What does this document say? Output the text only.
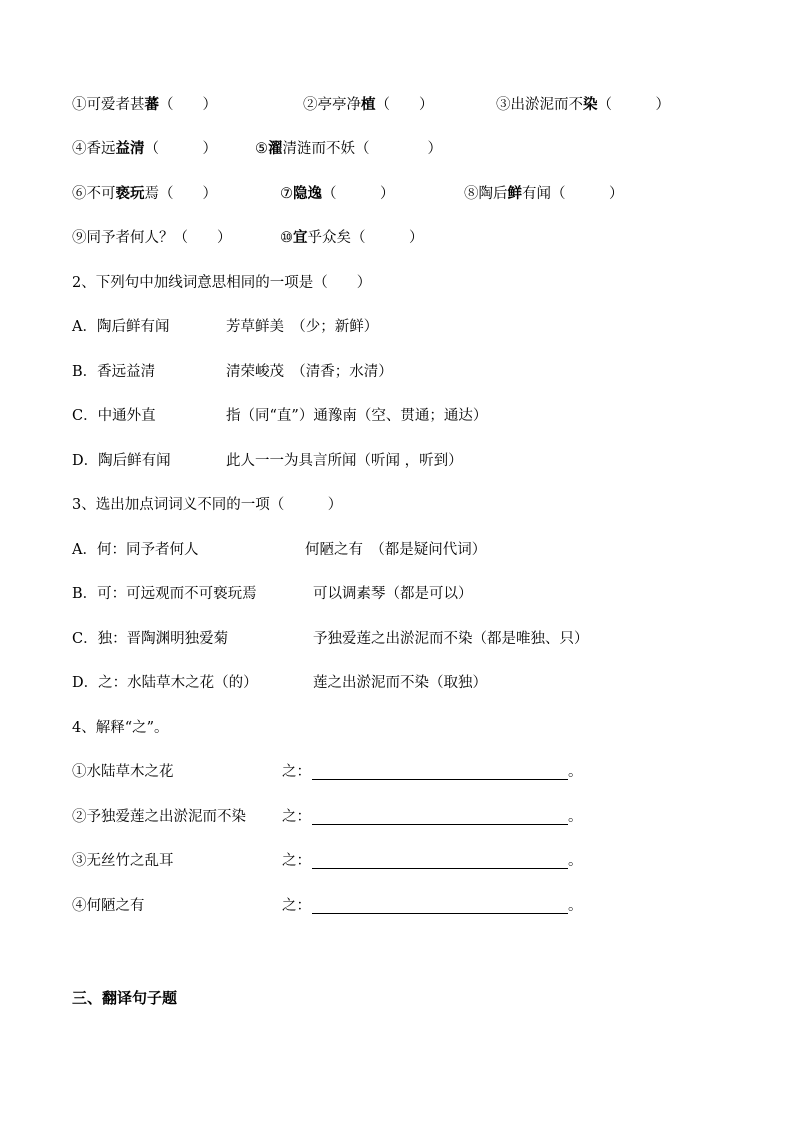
①可爱者甚蕃（　　）	②亭亭净植（　　）	③出淤泥而不染（　　　）
④香远益清（　　　）	⑤濯清涟而不妖（　　　　）
⑥不可亵玩焉（　　）	⑦隐逸（　　　）	⑧陶后鲜有闻（　　　）
⑨同予者何人？（　　）	⑩宜乎众矣（　　　）
2、下列句中加线词意思相同的一项是（　　）
A．陶后鲜有闻	芳草鲜美　（少；新鲜）
B．香远益清	清荣峻茂　（清香；水清）
C．中通外直	指（同“直”）通豫南（空、贯通；通达）
D．陶后鲜有闻	此人一一为具言所闻（听闻 ，听到）
3、选出加点词词义不同的一项（　　　）
A．何：同予者何人	何陋之有　（都是疑问代词）
B．可：可远观而不可亵玩焉	可以调素琴（都是可以）
C．独：晋陶渊明独爱菊	予独爱莲之出淤泥而不染（都是唯独、只）
D．之：水陆草木之花（的）	莲之出淤泥而不染（取独）
4、解释“之”。
①水陆草木之花	之：	。
②予独爱莲之出淤泥而不染 之：	。
③无丝竹之乱耳	之：	。
④何陋之有	之：	。
三、翻译句子题
